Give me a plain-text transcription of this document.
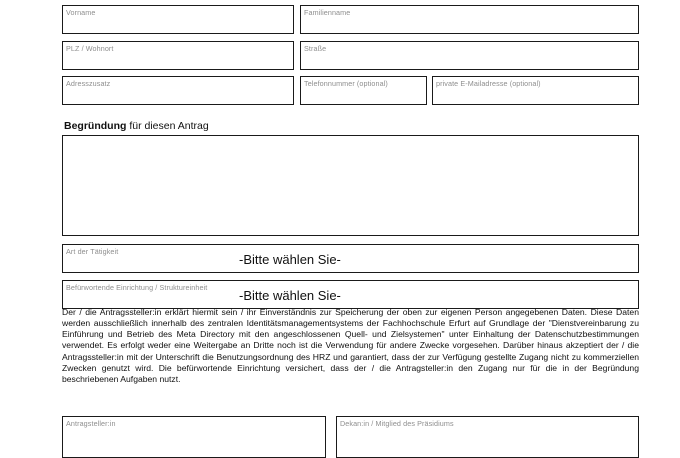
Vorname	Familienname
PLZ / Wohnort	Straße
Adresszusatz	Telefonnummer (optional)	private E-Mailadresse (optional)
Begründung für diesen Antrag
Art der Tätigkeit
-Bitte wählen Sie-
Befürwortende Einrichtung / Struktureinheit
-Bitte wählen Sie-

Der / die Antragssteller:in erklärt hiermit sein / ihr Einverständnis zur Speicherung der oben zur eigenen Person angegebenen Daten. Diese Daten werden ausschließlich innerhalb des zentralen Identitätsmanagementsystems der Fachhochschule Erfurt auf Grundlage der "Dienstvereinbarung zu Einführung und Betrieb des Meta Directory mit den angeschlossenen Quell- und Zielsystemen" unter Einhaltung der Datenschutzbestimmungen verwendet. Es erfolgt weder eine Weitergabe an Dritte noch ist die Verwendung für andere Zwecke vorgesehen. Darüber hinaus akzeptiert der / die Antragssteller:in mit der Unterschrift die Benutzungsordnung des HRZ und garantiert, dass der zur Verfügung gestellte Zugang nicht zu kommerziellen Zwecken genutzt wird. Die befürwortende Einrichtung versichert, dass der / die Antragsteller:in den Zugang nur für die in der Begründung beschriebenen Aufgaben nutzt.

Antragsteller:in	Dekan:in / Mitglied des Präsidiums
